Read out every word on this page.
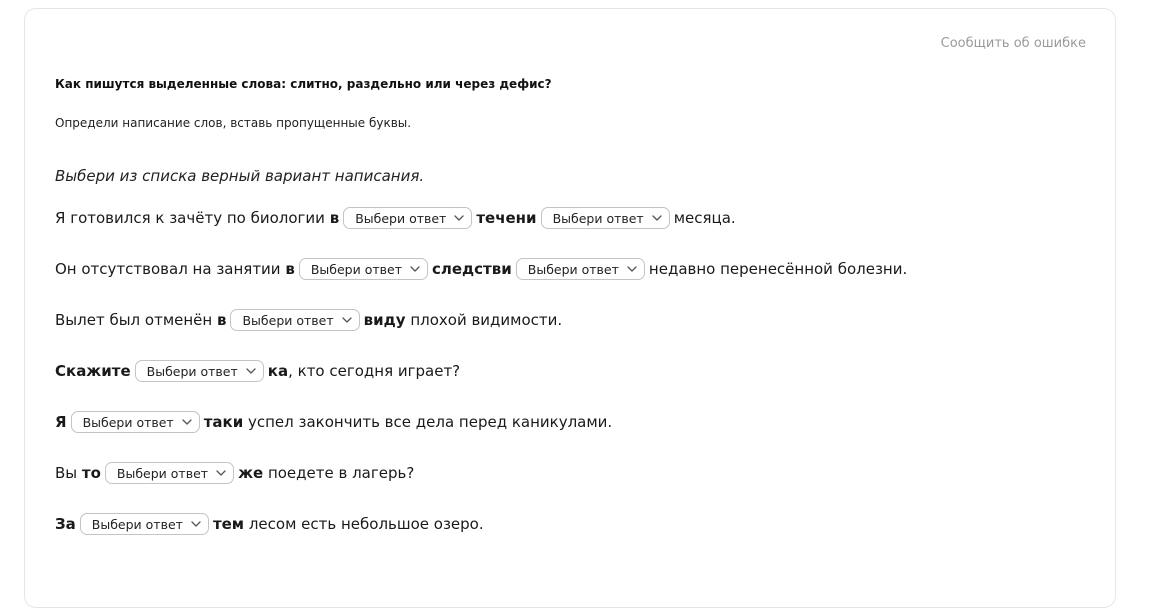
Сообщить об ошибке
Как пишутся выделенные слова: слитно, раздельно или через дефис?
Определи написание слов, вставь пропущенные буквы.
Выбери из списка верный вариант написания.
Я готовился к зачёту по биологии в Выбери ответ течени Выбери ответ месяца.
Он отсутствовал на занятии в Выбери ответ следстви Выбери ответ недавно перенесённой болезни.
Вылет был отменён в Выбери ответ виду плохой видимости.
Скажите Выбери ответ ка , кто сегодня играет?
Я Выбери ответ таки успел закончить все дела перед каникулами.
Вы то Выбери ответ же поедете в лагерь?
За Выбери ответ тем лесом есть небольшое озеро.
